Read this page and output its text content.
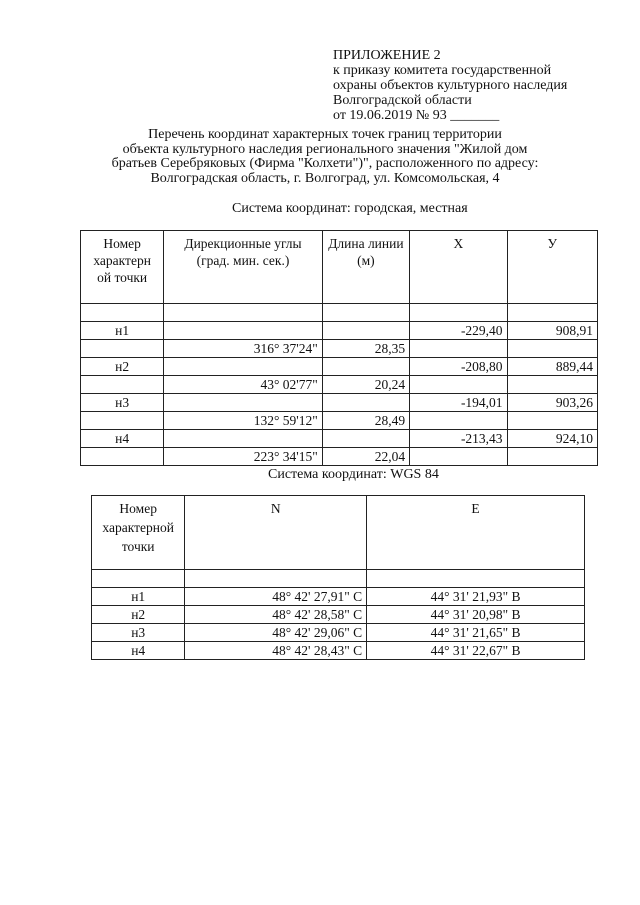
ПРИЛОЖЕНИЕ 2
к приказу комитета государственной
охраны объектов культурного наследия
Волгоградской области
от 19.06.2019 № 93 _______
Перечень координат характерных точек границ территории
объекта культурного наследия регионального значения "Жилой дом
братьев Серебряковых (Фирма "Колхети")", расположенного по адресу:
Волгоградская область, г. Волгоград, ул. Комсомольская, 4
Система координат: городская, местная
Номер характерн ой точки	Дирекционные углы (град. мин. сек.)	Длина линии (м)	X	У

н1			-229,40	908,91
	316° 37'24"	28,35		
н2			-208,80	889,44
	43° 02'77"	20,24		
н3			-194,01	903,26
	132° 59'12"	28,49		
н4			-213,43	924,10
	223° 34'15"	22,04		
Система координат: WGS 84
Номер характерной точки	N	E

н1	48° 42' 27,91" С	44° 31' 21,93" В
н2	48° 42' 28,58" С	44° 31' 20,98" В
н3	48° 42' 29,06" С	44° 31' 21,65" В
н4	48° 42' 28,43" С	44° 31' 22,67" В
